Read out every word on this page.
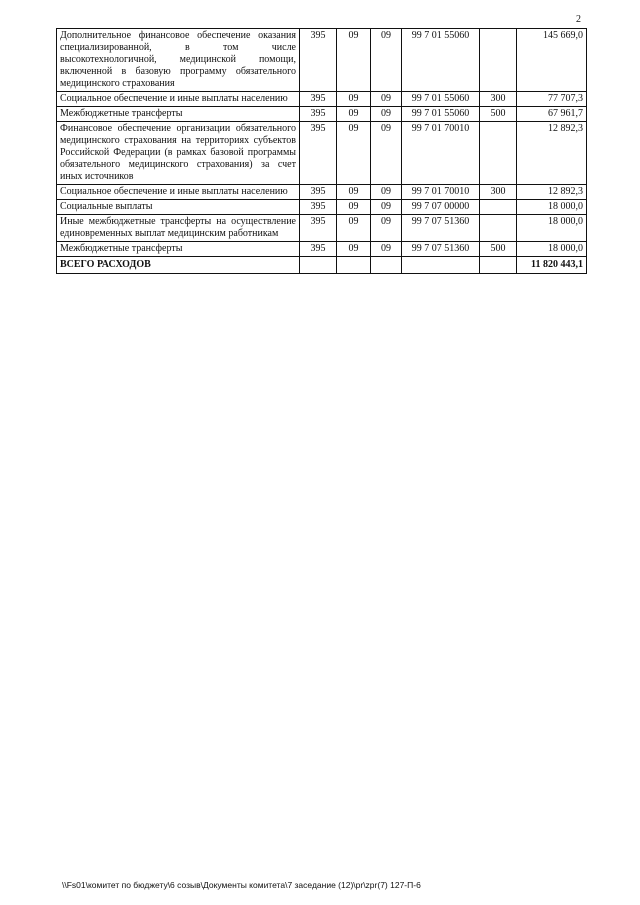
2
Дополнительное финансовое обеспечение оказания специализированной, в том числе высокотехнологичной, медицинской помощи, включенной в базовую программу обязательного медицинского страхования	395	09	09	99 7 01 55060		145 669,0
Социальное обеспечение и иные выплаты населению	395	09	09	99 7 01 55060	300	77 707,3
Межбюджетные трансферты	395	09	09	99 7 01 55060	500	67 961,7
Финансовое обеспечение организации обязательного медицинского страхования на территориях субъектов Российской Федерации (в рамках базовой программы обязательного медицинского страхования) за счет иных источников	395	09	09	99 7 01 70010		12 892,3
Социальное обеспечение и иные выплаты населению	395	09	09	99 7 01 70010	300	12 892,3
Социальные выплаты	395	09	09	99 7 07 00000		18 000,0
Иные межбюджетные трансферты на осуществление единовременных выплат медицинским работникам	395	09	09	99 7 07 51360		18 000,0
Межбюджетные трансферты	395	09	09	99 7 07 51360	500	18 000,0
ВСЕГО РАСХОДОВ						11 820 443,1
\\Fs01\комитет по бюджету\6 созыв\Документы комитета\7 заседание (12)\pr\zpr(7) 127-П-6
